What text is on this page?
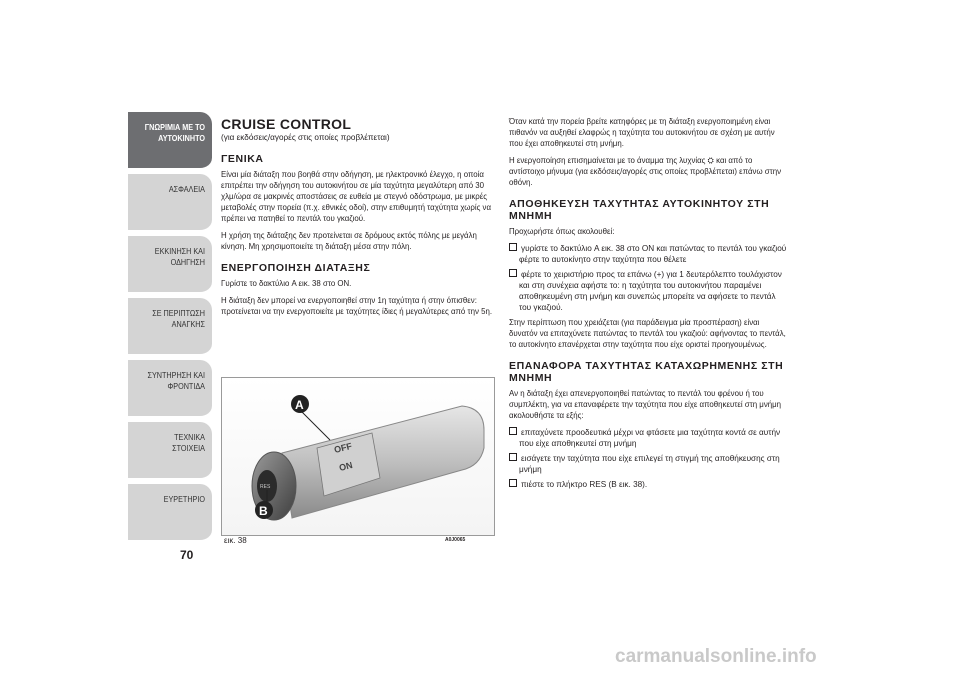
ΓΝΩΡΙΜΙΑ ΜΕ ΤΟ ΑΥΤΟΚΙΝΗΤΟ
ΑΣΦΑΛΕΙΑ
ΕΚΚΙΝΗΣΗ ΚΑΙ ΟΔΗΓΗΣΗ
ΣΕ ΠΕΡΙΠΤΩΣΗ ΑΝΑΓΚΗΣ
ΣΥΝΤΗΡΗΣΗ ΚΑΙ ΦΡΟΝΤΙΔΑ
ΤΕΧΝΙΚΑ ΣΤΟΙΧΕΙΑ
ΕΥΡΕΤΗΡΙΟ
70
CRUISE CONTROL
(για εκδόσεις/αγορές στις οποίες προβλέπεται)
ΓΕΝΙΚΑ

Είναι μία διάταξη που βοηθά στην οδήγηση, με ηλεκτρονικό έλεγχο, η οποία επιτρέπει την οδήγηση του αυτοκινήτου σε μία ταχύτητα μεγαλύτερη από 30 χλμ/ώρα σε μακρινές αποστάσεις σε ευθεία με στεγνό οδόστρωμα, με μικρές μεταβολές στην πορεία (π.χ. εθνικές οδοί), στην επιθυμητή ταχύτητα χωρίς να πρέπει να πατηθεί το πεντάλ του γκαζιού.

Η χρήση της διάταξης δεν προτείνεται σε δρόμους εκτός πόλης με μεγάλη κίνηση. Μη χρησιμοποιείτε τη διάταξη μέσα στην πόλη.

ΕΝΕΡΓΟΠΟΙΗΣΗ ΔΙΑΤΑΞΗΣ

Γυρίστε το δακτύλιο A εικ. 38 στο ON.

Η διάταξη δεν μπορεί να ενεργοποιηθεί στην 1η ταχύτητα ή στην όπισθεν: προτείνεται να την ενεργοποιείτε με ταχύτητες ίδιες ή μεγαλύτερες από την 5η.

OFF
ON
RES
A
B
εικ. 38	A0J0065

Όταν κατά την πορεία βρείτε κατηφόρες με τη διάταξη ενεργοποιημένη είναι πιθανόν να αυξηθεί ελαφρώς η ταχύτητα του αυτοκινήτου σε σχέση με αυτήν που έχει αποθηκευτεί στη μνήμη.

Η ενεργοποίηση επισημαίνεται με το άναμμα της λυχνίας ⛭ και από το αντίστοιχο μήνυμα (για εκδόσεις/αγορές στις οποίες προβλέπεται) επάνω στην οθόνη.

ΑΠΟΘΗΚΕΥΣΗ ΤΑΧΥΤΗΤΑΣ ΑΥΤΟΚΙΝΗΤΟΥ ΣΤΗ ΜΝΗΜΗ

Προχωρήστε όπως ακολουθεί:

γυρίστε το δακτύλιο A εικ. 38 στο ON και πατώντας το πεντάλ του γκαζιού φέρτε το αυτοκίνητο στην ταχύτητα που θέλετε
φέρτε το χειριστήριο προς τα επάνω (+) για 1 δευτερόλεπτο τουλάχιστον και στη συνέχεια αφήστε το: η ταχύτητα του αυτοκινήτου παραμένει αποθηκευμένη στη μνήμη και συνεπώς μπορείτε να αφήσετε το πεντάλ του γκαζιού.

Στην περίπτωση που χρειάζεται (για παράδειγμα μία προσπέραση) είναι δυνατόν να επιταχύνετε πατώντας το πεντάλ του γκαζιού: αφήνοντας το πεντάλ, το αυτοκίνητο επανέρχεται στην ταχύτητα που είχε οριστεί προηγουμένως.

ΕΠΑΝΑΦΟΡΑ ΤΑΧΥΤΗΤΑΣ ΚΑΤΑΧΩΡΗΜΕΝΗΣ ΣΤΗ ΜΝΗΜΗ

Αν η διάταξη έχει απενεργοποιηθεί πατώντας το πεντάλ του φρένου ή του συμπλέκτη, για να επαναφέρετε την ταχύτητα που είχε αποθηκευτεί στη μνήμη ακολουθήστε τα εξής:

επιταχύνετε προοδευτικά μέχρι να φτάσετε μια ταχύτητα κοντά σε αυτήν που είχε αποθηκευτεί στη μνήμη
εισάγετε την ταχύτητα που είχε επιλεγεί τη στιγμή της αποθήκευσης στη μνήμη
πιέστε το πλήκτρο RES (B εικ. 38).
carmanualsonline.info
